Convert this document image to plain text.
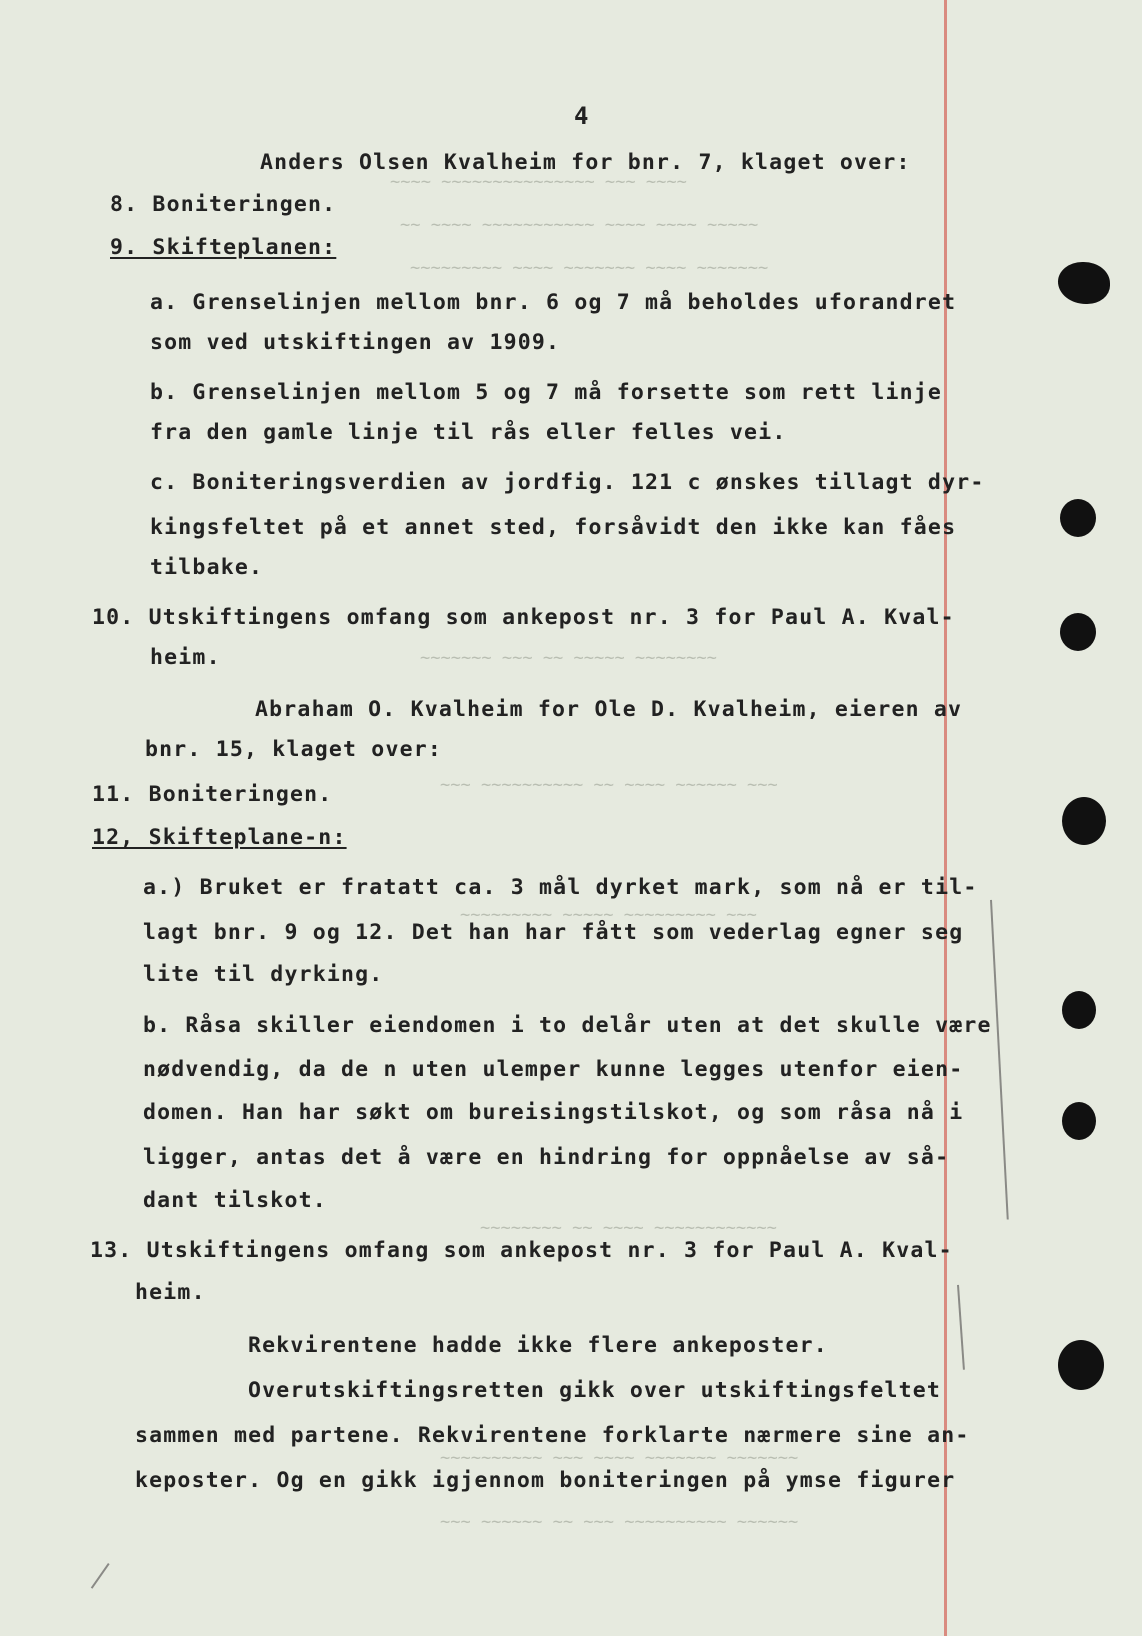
~~~~ ~~~~~~~~~~~~~~~ ~~~ ~~~~
~~ ~~~~ ~~~~~~~~~~~ ~~~~ ~~~~ ~~~~~
~~~~~~~~~ ~~~~ ~~~~~~~ ~~~~ ~~~~~~~
~~~~~~~ ~~~ ~~ ~~~~~ ~~~~~~~~
~~~ ~~~~~~~~~~ ~~ ~~~~ ~~~~~~ ~~~
~~~~~~~~~ ~~~~~ ~~~~~~~~~ ~~~
~~~~~~~~ ~~ ~~~~ ~~~~~~~~~~~~
~~~~~~~~~~ ~~~ ~~~~ ~~~~~~~ ~~~~~~~
~~~ ~~~~~~ ~~ ~~~ ~~~~~~~~~~ ~~~~~~
4
Anders Olsen Kvalheim for bnr. 7, klaget over:
8. Boniteringen.
9. Skifteplanen:
a. Grenselinjen mellom bnr. 6 og 7 må beholdes uforandret
som ved utskiftingen av 1909.
b. Grenselinjen mellom 5 og 7 må forsette som rett linje
fra den gamle linje til rås eller felles vei.
c. Boniteringsverdien av jordfig. 121 c ønskes tillagt dyr-
kingsfeltet på et annet sted, forsåvidt den ikke kan fåes
tilbake.
10. Utskiftingens omfang som ankepost nr. 3 for Paul A. Kval-
heim.
Abraham O. Kvalheim for Ole D. Kvalheim, eieren av
bnr. 15, klaget over:
11. Boniteringen.
12, Skifteplane-n:
a.) Bruket er fratatt ca. 3 mål dyrket mark, som nå er til-
lagt bnr. 9 og 12. Det han har fått som vederlag egner seg
lite til dyrking.
b. Råsa skiller eiendomen i to delår uten at det skulle være
nødvendig, da de n uten ulemper kunne legges utenfor eien-
domen. Han har søkt om bureisingstilskot, og som råsa nå i
ligger, antas det å være en hindring for oppnåelse av så-
dant tilskot.
13. Utskiftingens omfang som ankepost nr. 3 for Paul A. Kval-
heim.
Rekvirentene hadde ikke flere ankeposter.
Overutskiftingsretten gikk over utskiftingsfeltet
sammen med partene. Rekvirentene forklarte nærmere sine an-
keposter. Og en gikk igjennom boniteringen på ymse figurer
